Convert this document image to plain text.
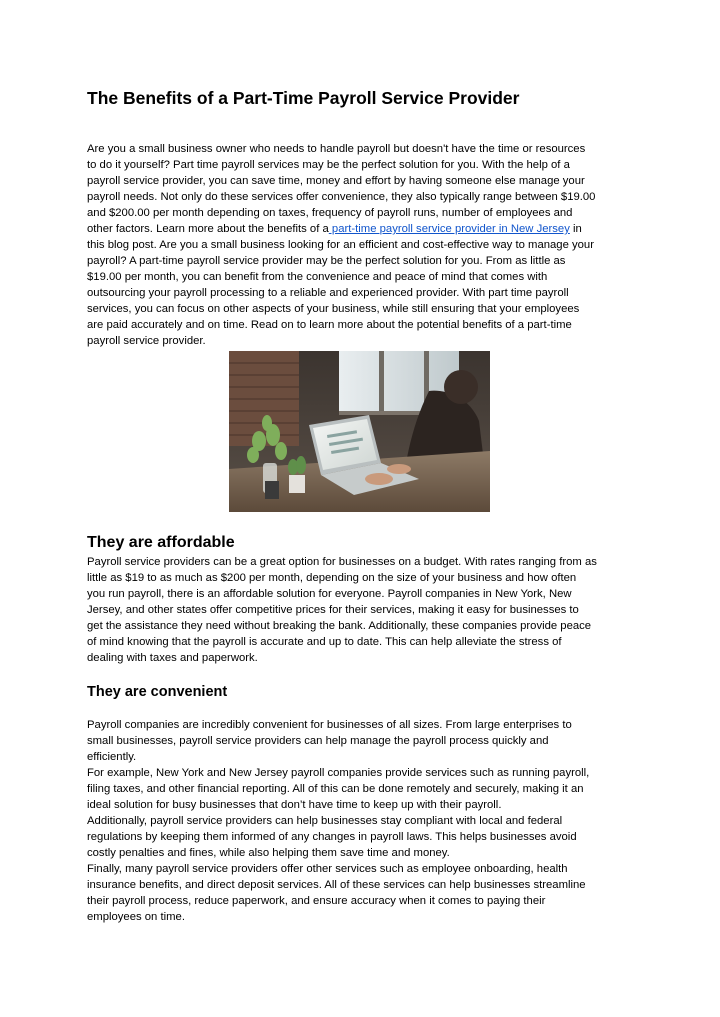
The Benefits of a Part-Time Payroll Service Provider
Are you a small business owner who needs to handle payroll but doesn't have the time or resources
to do it yourself? Part time payroll services may be the perfect solution for you. With the help of a
payroll service provider, you can save time, money and effort by having someone else manage your
payroll needs. Not only do these services offer convenience, they also typically range between $19.00
and $200.00 per month depending on taxes, frequency of payroll runs, number of employees and
other factors. Learn more about the benefits of a part-time payroll service provider in New Jersey in
this blog post. Are you a small business looking for an efficient and cost-effective way to manage your
payroll? A part-time payroll service provider may be the perfect solution for you. From as little as
$19.00 per month, you can benefit from the convenience and peace of mind that comes with
outsourcing your payroll processing to a reliable and experienced provider. With part time payroll
services, you can focus on other aspects of your business, while still ensuring that your employees
are paid accurately and on time. Read on to learn more about the potential benefits of a part-time
payroll service provider.
They are affordable
Payroll service providers can be a great option for businesses on a budget. With rates ranging from as
little as $19 to as much as $200 per month, depending on the size of your business and how often
you run payroll, there is an affordable solution for everyone. Payroll companies in New York, New
Jersey, and other states offer competitive prices for their services, making it easy for businesses to
get the assistance they need without breaking the bank. Additionally, these companies provide peace
of mind knowing that the payroll is accurate and up to date. This can help alleviate the stress of
dealing with taxes and paperwork.
They are convenient
Payroll companies are incredibly convenient for businesses of all sizes. From large enterprises to
small businesses, payroll service providers can help manage the payroll process quickly and
efficiently.
For example, New York and New Jersey payroll companies provide services such as running payroll,
filing taxes, and other financial reporting. All of this can be done remotely and securely, making it an
ideal solution for busy businesses that don’t have time to keep up with their payroll.
Additionally, payroll service providers can help businesses stay compliant with local and federal
regulations by keeping them informed of any changes in payroll laws. This helps businesses avoid
costly penalties and fines, while also helping them save time and money.
Finally, many payroll service providers offer other services such as employee onboarding, health
insurance benefits, and direct deposit services. All of these services can help businesses streamline
their payroll process, reduce paperwork, and ensure accuracy when it comes to paying their
employees on time.
